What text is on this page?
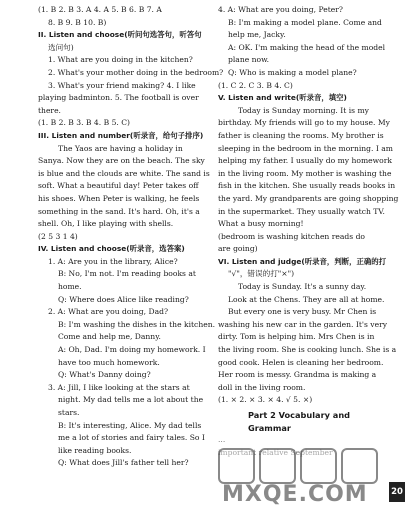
(1. B 2. B 3. A 4. A 5. B 6. B 7. A
8. B 9. B 10. B)
II. Listen and choose(听问句选答句，听答句
选问句)
1. What are you doing in the kitchen?
2. What's your mother doing in the bedroom?
3. What's your friend making? 4. I like
playing badminton. 5. The football is over
there.
(1. B 2. B 3. B 4. B 5. C)
III. Listen and number(听录音，给句子排序)
The Yaos are having a holiday in
Sanya. Now they are on the beach. The sky
is blue and the clouds are white. The sand is
soft. What a beautiful day! Peter takes off
his shoes. When Peter is walking, he feels
something in the sand. It's hard. Oh, it's a
shell. Oh, I like playing with shells.
(2 5 3 1 4)
IV. Listen and choose(听录音，选答案)
1. A: Are you in the library, Alice?
B: No, I'm not. I'm reading books at
home.
Q: Where does Alice like reading?
2. A: What are you doing, Dad?
B: I'm washing the dishes in the kitchen.
Come and help me, Danny.
A: Oh, Dad. I'm doing my homework. I
have too much homework.
Q: What's Danny doing?
3. A: Jill, I like looking at the stars at
night. My dad tells me a lot about the
stars.
B: It's interesting, Alice. My dad tells
me a lot of stories and fairy tales. So I
like reading books.
Q: What does Jill's father tell her?
4. A: What are you doing, Peter?
B: I'm making a model plane. Come and
help me, Jacky.
A: OK. I'm making the head of the model
plane now.
Q: Who is making a model plane?
(1. C 2. C 3. B 4. C)
V. Listen and write(听录音，填空)
Today is Sunday morning. It is my
birthday. My friends will go to my house. My
father is cleaning the rooms. My brother is
sleeping in the bedroom in the morning. I am
helping my father. I usually do my homework
in the living room. My mother is washing the
fish in the kitchen. She usually reads books in
the yard. My grandparents are going shopping
in the supermarket. They usually watch TV.
What a busy morning!
(bedroom is washing kitchen reads do
are going)
VI. Listen and judge(听录音，判断，正确的打
"√"，错误的打"×")
Today is Sunday. It's a sunny day.
Look at the Chens. They are all at home.
But every one is very busy. Mr Chen is
washing his new car in the garden. It's very
dirty. Tom is helping him. Mrs Chen is in
the living room. She is cooking lunch. She is a
good cook. Helen is cleaning her bedroom.
Her room is messy. Grandma is making a
doll in the living room.
(1. × 2. × 3. × 4. √ 5. ×)
Part 2 Vocabulary and Grammar
...
important relative September
MXQE.COM	20
